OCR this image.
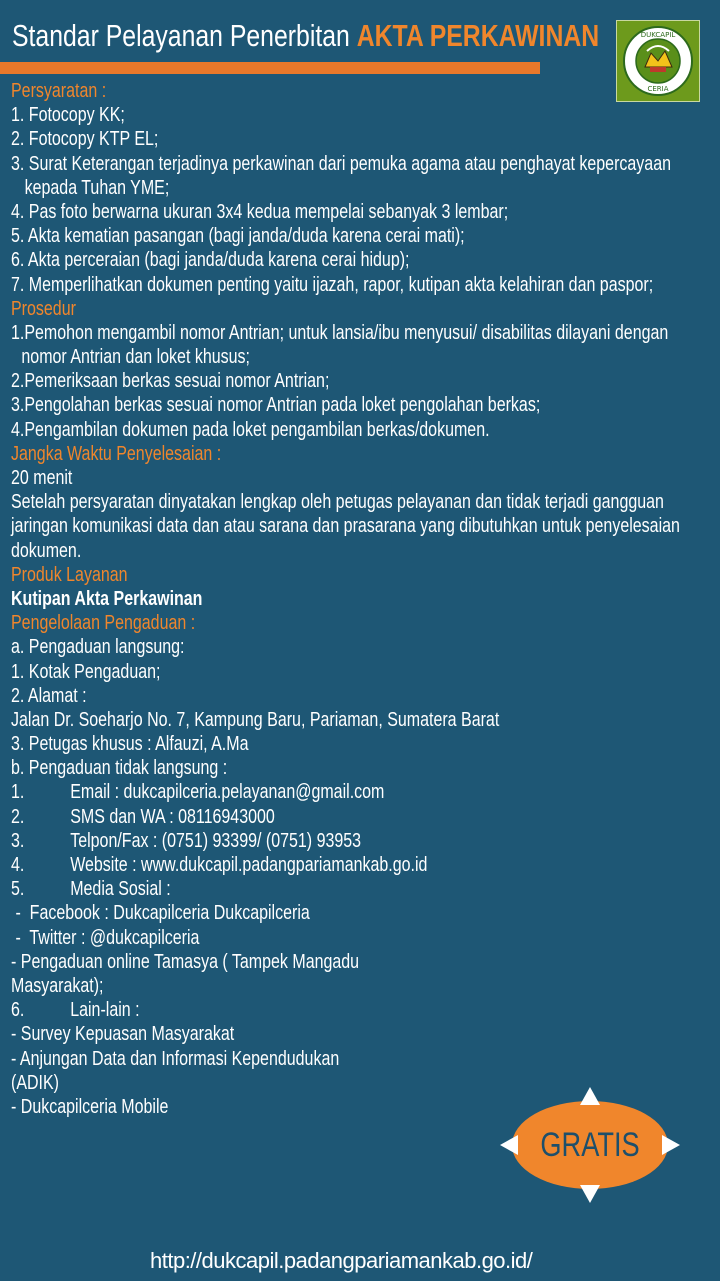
Standar Pelayanan Penerbitan AKTA PERKAWINAN	DUKCAPIL
CERIA
Persyaratan :
1. Fotocopy KK;
2. Fotocopy KTP EL;
3. Surat Keterangan terjadinya perkawinan dari pemuka agama atau penghayat kepercayaan
kepada Tuhan YME;
4. Pas foto berwarna ukuran 3x4 kedua mempelai sebanyak 3 lembar;
5. Akta kematian pasangan (bagi janda/duda karena cerai mati);
6. Akta perceraian (bagi janda/duda karena cerai hidup);
7. Memperlihatkan dokumen penting yaitu ijazah, rapor, kutipan akta kelahiran dan paspor;
Prosedur
1.Pemohon mengambil nomor Antrian; untuk lansia/ibu menyusui/ disabilitas dilayani dengan
nomor Antrian dan loket khusus;
2.Pemeriksaan berkas sesuai nomor Antrian;
3.Pengolahan berkas sesuai nomor Antrian pada loket pengolahan berkas;
4.Pengambilan dokumen pada loket pengambilan berkas/dokumen.
Jangka Waktu Penyelesaian :
20 menit
Setelah persyaratan dinyatakan lengkap oleh petugas pelayanan dan tidak terjadi gangguan
jaringan komunikasi data dan atau sarana dan prasarana yang dibutuhkan untuk penyelesaian
dokumen.
Produk Layanan
Kutipan Akta Perkawinan
Pengelolaan Pengaduan :
a. Pengaduan langsung:
1. Kotak Pengaduan;
2. Alamat :
Jalan Dr. Soeharjo No. 7, Kampung Baru, Pariaman, Sumatera Barat
3. Petugas khusus : Alfauzi, A.Ma
b. Pengaduan tidak langsung :
1. Email : dukcapilceria.pelayanan@gmail.com
2. SMS dan WA : 08116943000
3. Telpon/Fax : (0751) 93399/ (0751) 93953
4. Website : www.dukcapil.padangpariamankab.go.id
5. Media Sosial :
-  Facebook : Dukcapilceria Dukcapilceria
-  Twitter : @dukcapilceria
- Pengaduan online Tamasya ( Tampek Mangadu
Masyarakat);
6. Lain-lain :
- Survey Kepuasan Masyarakat
- Anjungan Data dan Informasi Kependudukan
(ADIK)
- Dukcapilceria Mobile
GRATIS
http://dukcapil.padangpariamankab.go.id/
